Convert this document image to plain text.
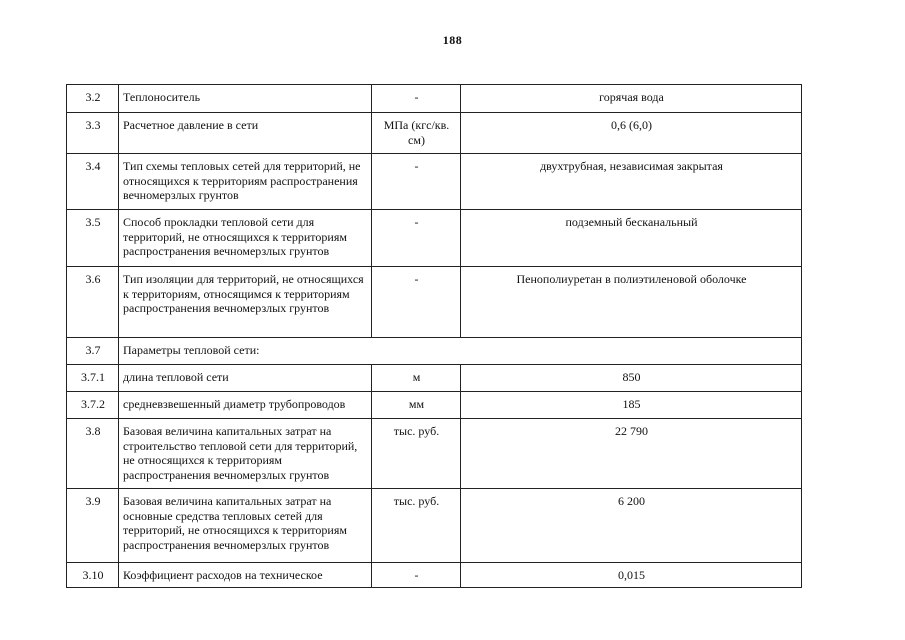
188
3.2	Теплоноситель	-	горячая вода
3.3	Расчетное давление в сети	МПа (кгс/кв. см)	0,6 (6,0)
3.4	Тип схемы тепловых сетей для территорий, не относящихся к территориям распространения вечномерзлых грунтов	-	двухтрубная, независимая закрытая
3.5	Способ прокладки тепловой сети для территорий, не относящихся к территориям распространения вечномерзлых грунтов	-	подземный бесканальный
3.6	Тип изоляции для территорий, не относящихся к территориям, относящимся к территориям распространения вечномерзлых грунтов	-	Пенополиуретан в полиэтиленовой оболочке
3.7	Параметры тепловой сети:		
3.7.1	длина тепловой сети	м	850
3.7.2	средневзвешенный диаметр трубопроводов	мм	185
3.8	Базовая величина капитальных затрат на строительство тепловой сети для территорий, не относящихся к территориям распространения вечномерзлых грунтов	тыс. руб.	22 790
3.9	Базовая величина капитальных затрат на основные средства тепловых сетей для территорий, не относящихся к территориям распространения вечномерзлых грунтов	тыс. руб.	6 200
3.10	Коэффициент расходов на техническое	-	0,015
